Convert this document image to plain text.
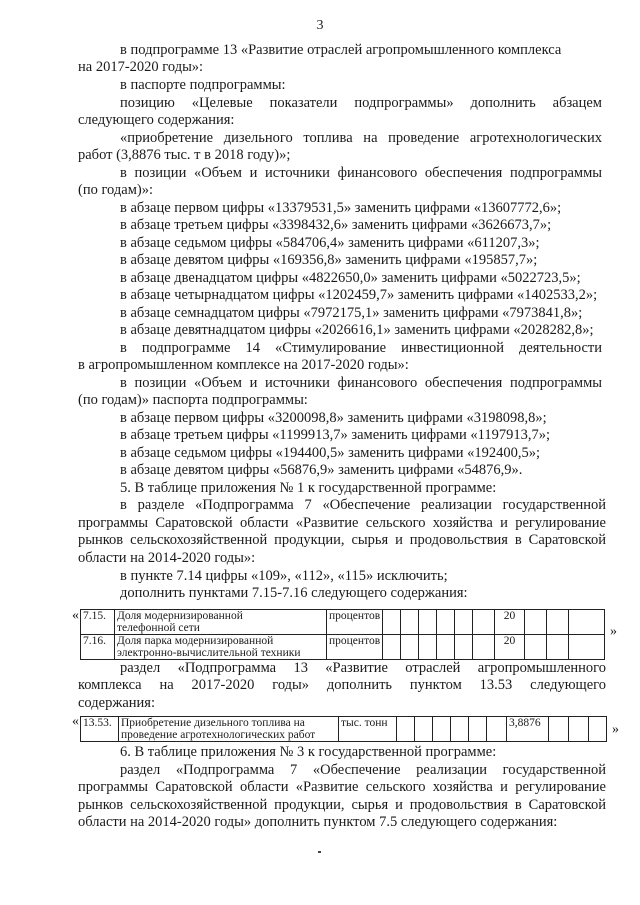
3
в подпрограмме 13 «Развитие отраслей агропромышленного комплекса
на 2017-2020 годы»:
в паспорте подпрограммы:
позицию «Целевые показатели подпрограммы» дополнить абзацем
следующего содержания:
«приобретение дизельного топлива на проведение агротехнологических
работ (3,8876 тыс. т в 2018 году)»;
в позиции «Объем и источники финансового обеспечения подпрограммы
(по годам)»:
в абзаце первом цифры «13379531,5» заменить цифрами «13607772,6»;
в абзаце третьем цифры «3398432,6» заменить цифрами «3626673,7»;
в абзаце седьмом цифры «584706,4» заменить цифрами «611207,3»;
в абзаце девятом цифры «169356,8» заменить цифрами «195857,7»;
в абзаце двенадцатом цифры «4822650,0» заменить цифрами «5022723,5»;
в абзаце четырнадцатом цифры «1202459,7» заменить цифрами «1402533,2»;
в абзаце семнадцатом цифры «7972175,1» заменить цифрами «7973841,8»;
в абзаце девятнадцатом цифры «2026616,1» заменить цифрами «2028282,8»;
в подпрограмме 14 «Стимулирование инвестиционной деятельности
в агропромышленном комплексе на 2017-2020 годы»:
в позиции «Объем и источники финансового обеспечения подпрограммы
(по годам)» паспорта подпрограммы:
в абзаце первом цифры «3200098,8» заменить цифрами «3198098,8»;
в абзаце третьем цифры «1199913,7» заменить цифрами «1197913,7»;
в абзаце седьмом цифры «194400,5» заменить цифрами «192400,5»;
в абзаце девятом цифры «56876,9» заменить цифрами «54876,9».
5. В таблице приложения № 1 к государственной программе:
в разделе «Подпрограмма 7 «Обеспечение реализации государственной
программы Саратовской области «Развитие сельского хозяйства и регулирование
рынков сельскохозяйственной продукции, сырья и продовольствия в Саратовской
области на 2014-2020 годы»:
в пункте 7.14 цифры «109», «112», «115» исключить;
дополнить пунктами 7.15-7.16 следующего содержания:
« 7.15.	Доля модернизированной
телефонной сети	процентов							20			
7.16.	Доля парка модернизированной
электронно-вычислительной техники	процентов							20			
»
раздел «Подпрограмма 13 «Развитие отраслей агропромышленного
комплекса на 2017-2020 годы» дополнить пунктом 13.53 следующего
содержания:
« 13.53.	Приобретение дизельного топлива на
проведение агротехнологических работ	тыс. тонн							3,8876				»
6. В таблице приложения № 3 к государственной программе:
раздел «Подпрограмма 7 «Обеспечение реализации государственной
программы Саратовской области «Развитие сельского хозяйства и регулирование
рынков сельскохозяйственной продукции, сырья и продовольствия в Саратовской
области на 2014-2020 годы» дополнить пунктом 7.5 следующего содержания:
